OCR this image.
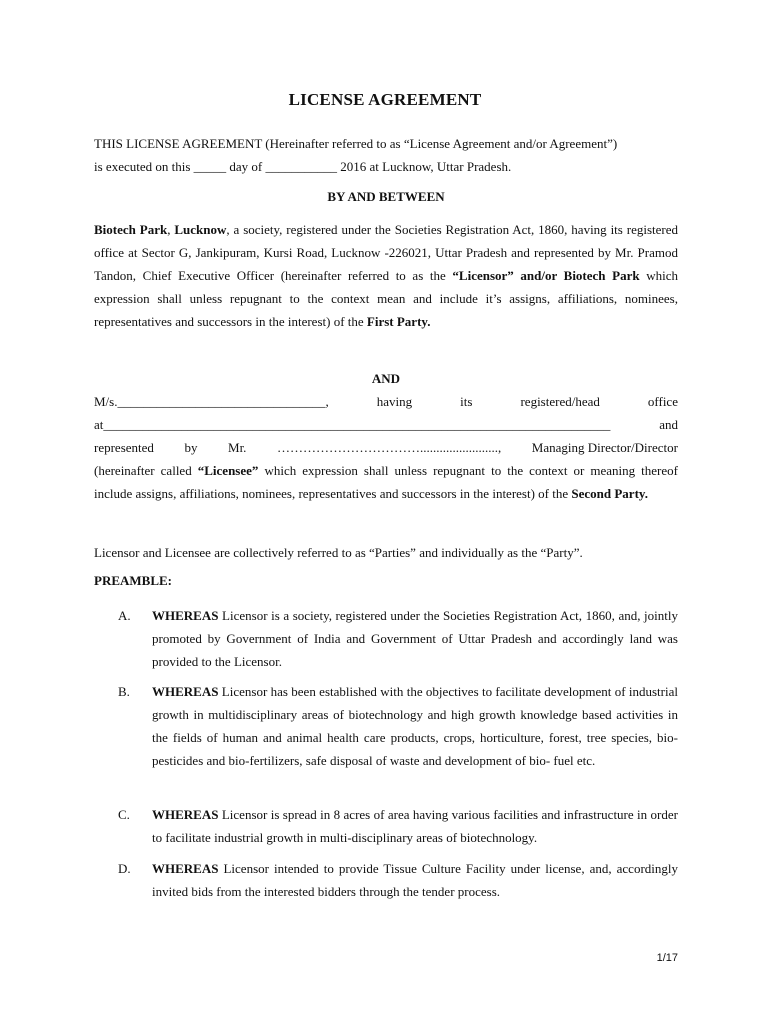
LICENSE AGREEMENT
THIS LICENSE AGREEMENT (Hereinafter referred to as “License Agreement and/or Agreement”)
is executed on this _____ day of ___________ 2016 at Lucknow, Uttar Pradesh.
BY AND BETWEEN
Biotech Park, Lucknow, a society, registered under the Societies Registration Act, 1860, having its registered office at Sector G, Jankipuram, Kursi Road, Lucknow -226021, Uttar Pradesh and represented by Mr. Pramod Tandon, Chief Executive Officer (hereinafter referred to as the “Licensor” and/or Biotech Park which expression shall unless repugnant to the context mean and include it’s assigns, affiliations, nominees, representatives and successors in the interest) of the First Party.
AND
M/s.________________________________,	having	its	registered/head	office
at______________________________________________________________________________	and
represented by Mr. ……………………………........................, Managing Director/Director
(hereinafter called “Licensee” which expression shall unless repugnant to the context or meaning thereof include assigns, affiliations, nominees, representatives and successors in the interest) of the Second Party.
Licensor and Licensee are collectively referred to as “Parties” and individually as the “Party”.
PREAMBLE:
A. WHEREAS Licensor is a society, registered under the Societies Registration Act, 1860, and, jointly promoted by Government of India and Government of Uttar Pradesh and accordingly land was provided to the Licensor.
B. WHEREAS Licensor has been established with the objectives to facilitate development of industrial growth in multidisciplinary areas of biotechnology and high growth knowledge based activities in the fields of human and animal health care products, crops, horticulture, forest, tree species, bio- pesticides and bio-fertilizers, safe disposal of waste and development of bio- fuel etc.
C. WHEREAS Licensor is spread in 8 acres of area having various facilities and infrastructure in order to facilitate industrial growth in multi-disciplinary areas of biotechnology.
D. WHEREAS Licensor intended to provide Tissue Culture Facility under license, and, accordingly invited bids from the interested bidders through the tender process.
1/17
